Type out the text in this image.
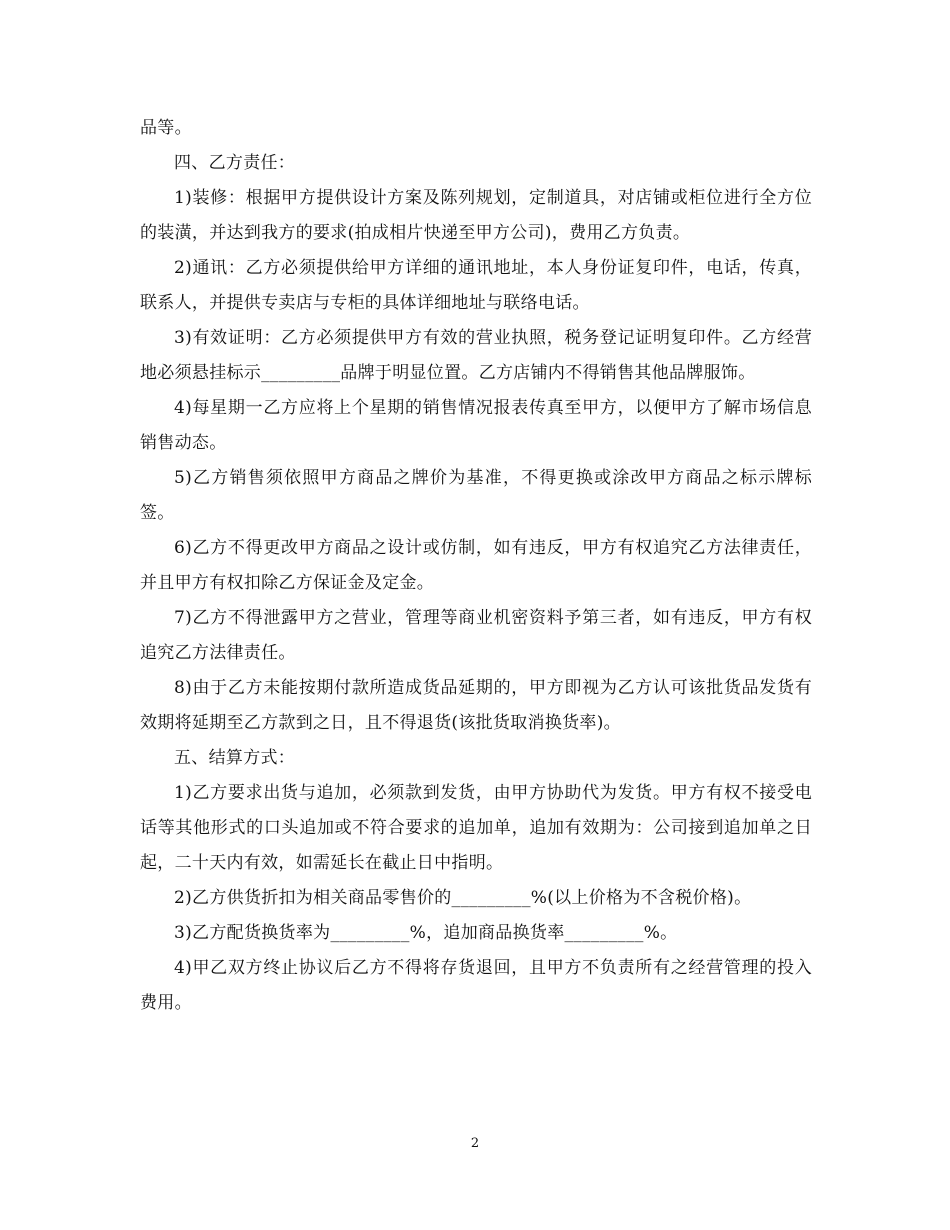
品等。

四、乙方责任：

1)装修：根据甲方提供设计方案及陈列规划，定制道具，对店铺或柜位进行全方位的装潢，并达到我方的要求(拍成相片快递至甲方公司)，费用乙方负责。

2)通讯：乙方必须提供给甲方详细的通讯地址，本人身份证复印件，电话，传真，联系人，并提供专卖店与专柜的具体详细地址与联络电话。

3)有效证明：乙方必须提供甲方有效的营业执照，税务登记证明复印件。乙方经营地必须悬挂标示_________品牌于明显位置。乙方店铺内不得销售其他品牌服饰。

4)每星期一乙方应将上个星期的销售情况报表传真至甲方，以便甲方了解市场信息销售动态。

5)乙方销售须依照甲方商品之牌价为基准，不得更换或涂改甲方商品之标示牌标签。

6)乙方不得更改甲方商品之设计或仿制，如有违反，甲方有权追究乙方法律责任，并且甲方有权扣除乙方保证金及定金。

7)乙方不得泄露甲方之营业，管理等商业机密资料予第三者，如有违反，甲方有权追究乙方法律责任。

8)由于乙方未能按期付款所造成货品延期的，甲方即视为乙方认可该批货品发货有效期将延期至乙方款到之日，且不得退货(该批货取消换货率)。

五、结算方式：

1)乙方要求出货与追加，必须款到发货，由甲方协助代为发货。甲方有权不接受电话等其他形式的口头追加或不符合要求的追加单，追加有效期为：公司接到追加单之日起，二十天内有效，如需延长在截止日中指明。

2)乙方供货折扣为相关商品零售价的_________%(以上价格为不含税价格)。

3)乙方配货换货率为_________%，追加商品换货率_________%。

4)甲乙双方终止协议后乙方不得将存货退回，且甲方不负责所有之经营管理的投入费用。

2
